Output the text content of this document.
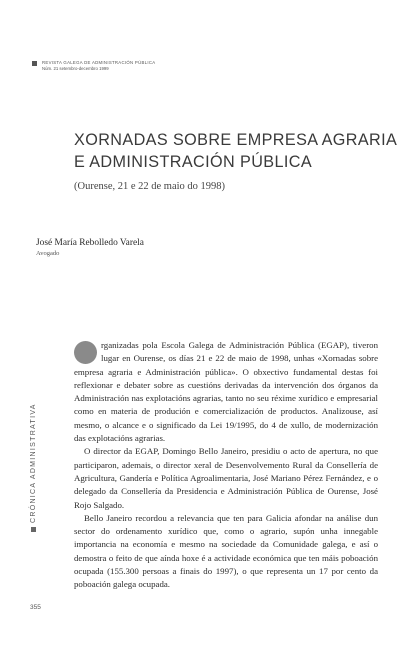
REVISTA GALEGA DE ADMINISTRACIÓN PÚBLICA
Núm. 21 setembro-decembro 1999
XORNADAS SOBRE EMPRESA AGRARIA
E ADMINISTRACIÓN PÚBLICA
(Ourense, 21 e 22 de maio do 1998)
José María Rebolledo Varela
Avogado

rganizadas pola Escola Galega de Administración Pública (EGAP), tiveron lugar en Ourense, os días 21 e 22 de maio de 1998, unhas «Xornadas sobre empresa agraria e Administración pública». O obxectivo fundamental destas foi reflexionar e debater sobre as cuestións derivadas da intervención dos órganos da Administración nas explotacións agrarias, tanto no seu réxime xurídico e empresarial como en materia de produción e comercialización de productos. Analizouse, así mesmo, o alcance e o significado da Lei 19/1995, do 4 de xullo, de modernización das explotacións agrarias.

O director da EGAP, Domingo Bello Janeiro, presidiu o acto de apertura, no que participaron, ademais, o director xeral de Desenvolvemento Rural da Consellería de Agricultura, Gandería e Política Agroalimentaria, José Mariano Pérez Fernández, e o delegado da Consellería da Presidencia e Administración Pública de Ourense, José Rojo Salgado.

Bello Janeiro recordou a relevancia que ten para Galicia afondar na análise dun sector do ordenamento xurídico que, como o agrario, supón unha innegable importancia na economía e mesmo na sociedade da Comunidade galega, e así o demostra o feito de que aínda hoxe é a actividade económica que ten máis poboación ocupada (155.300 persoas a finais do 1997), o que representa un 17 por cento da poboación galega ocupada.

CRÓNICA ADMINISTRATIVA
355
